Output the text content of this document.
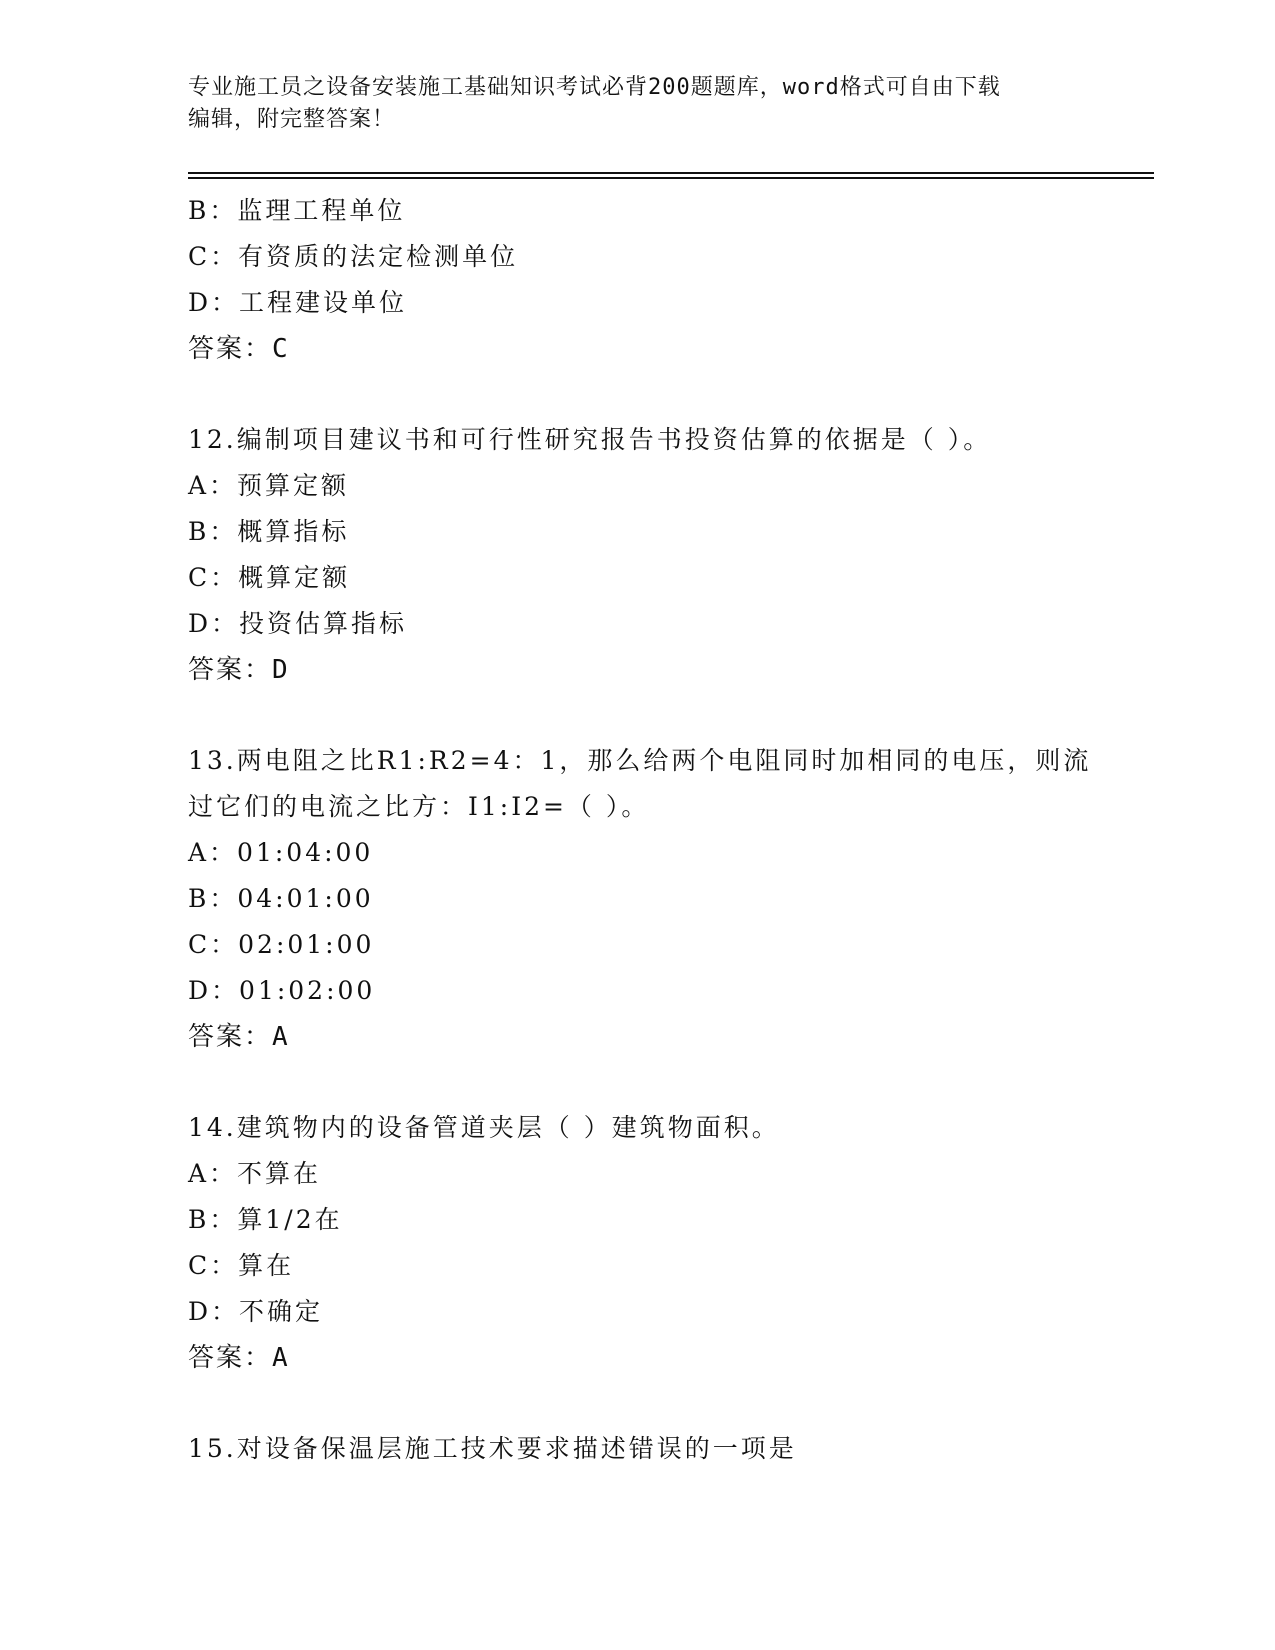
专业施工员之设备安装施工基础知识考试必背200题题库，word格式可自由下载
编辑，附完整答案！
B：监理工程单位
C：有资质的法定检测单位
D：工程建设单位
答案：C
12.编制项目建议书和可行性研究报告书投资估算的依据是（ ）。
A：预算定额
B：概算指标
C：概算定额
D：投资估算指标
答案：D
13.两电阻之比R1:R2=4：1，那么给两个电阻同时加相同的电压，则流
过它们的电流之比方：I1:I2=（ ）。
A：01:04:00
B：04:01:00
C：02:01:00
D：01:02:00
答案：A
14.建筑物内的设备管道夹层（ ）建筑物面积。
A：不算在
B：算1/2在
C：算在
D：不确定
答案：A
15.对设备保温层施工技术要求描述错误的一项是
